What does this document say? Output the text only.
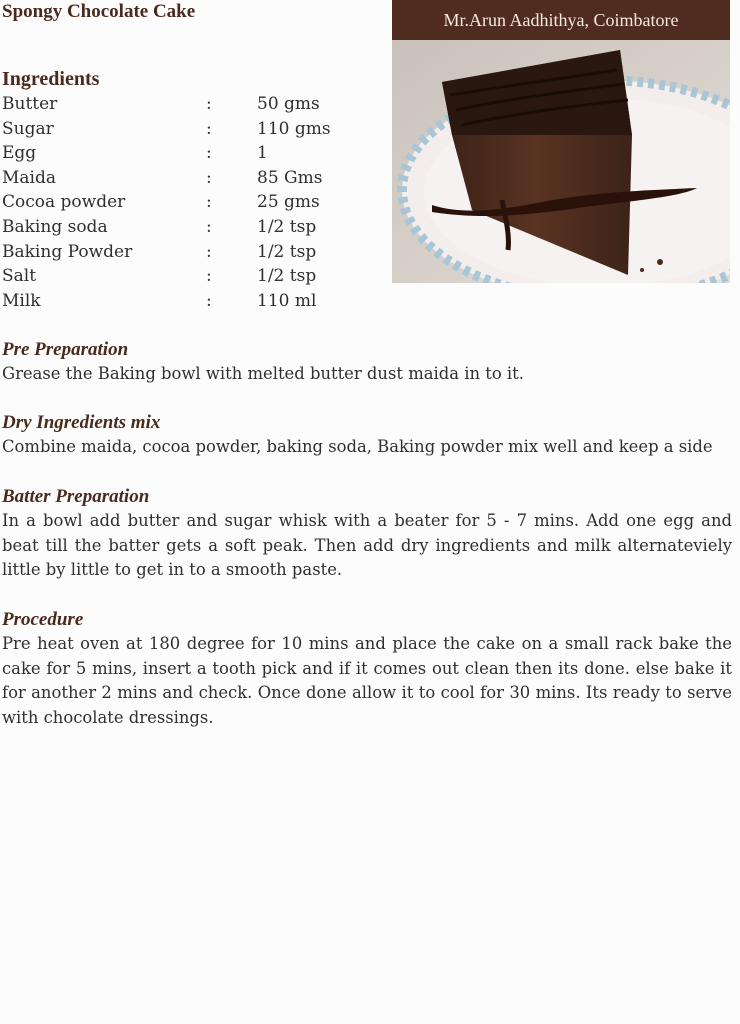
Spongy Chocolate Cake	Mr.Arun Aadhithya, Coimbatore
Ingredients
Butter	:	50 gms
Sugar	:	110 gms
Egg	:	1
Maida	:	85 Gms
Cocoa powder	:	25 gms
Baking soda	:	1/2 tsp
Baking Powder	:	1/2 tsp
Salt	:	1/2 tsp
Milk	:	110 ml
Pre Preparation

Grease the Baking bowl with melted butter dust maida in to it.

Dry Ingredients mix

Combine maida, cocoa powder, baking soda, Baking powder mix well and keep a side

Batter Preparation

In a bowl add butter and sugar whisk with a beater for 5 - 7 mins. Add one egg and beat till the batter gets a soft peak. Then add dry ingredients and milk alternateviely little by little to get in to a smooth paste.

Procedure

Pre heat oven at 180 degree for 10 mins and place the cake on a small rack bake the cake for 5 mins, insert a tooth pick and if it comes out clean then its done. else bake it for another 2 mins and check. Once done allow it to cool for 30 mins. Its ready to serve with chocolate dressings.
